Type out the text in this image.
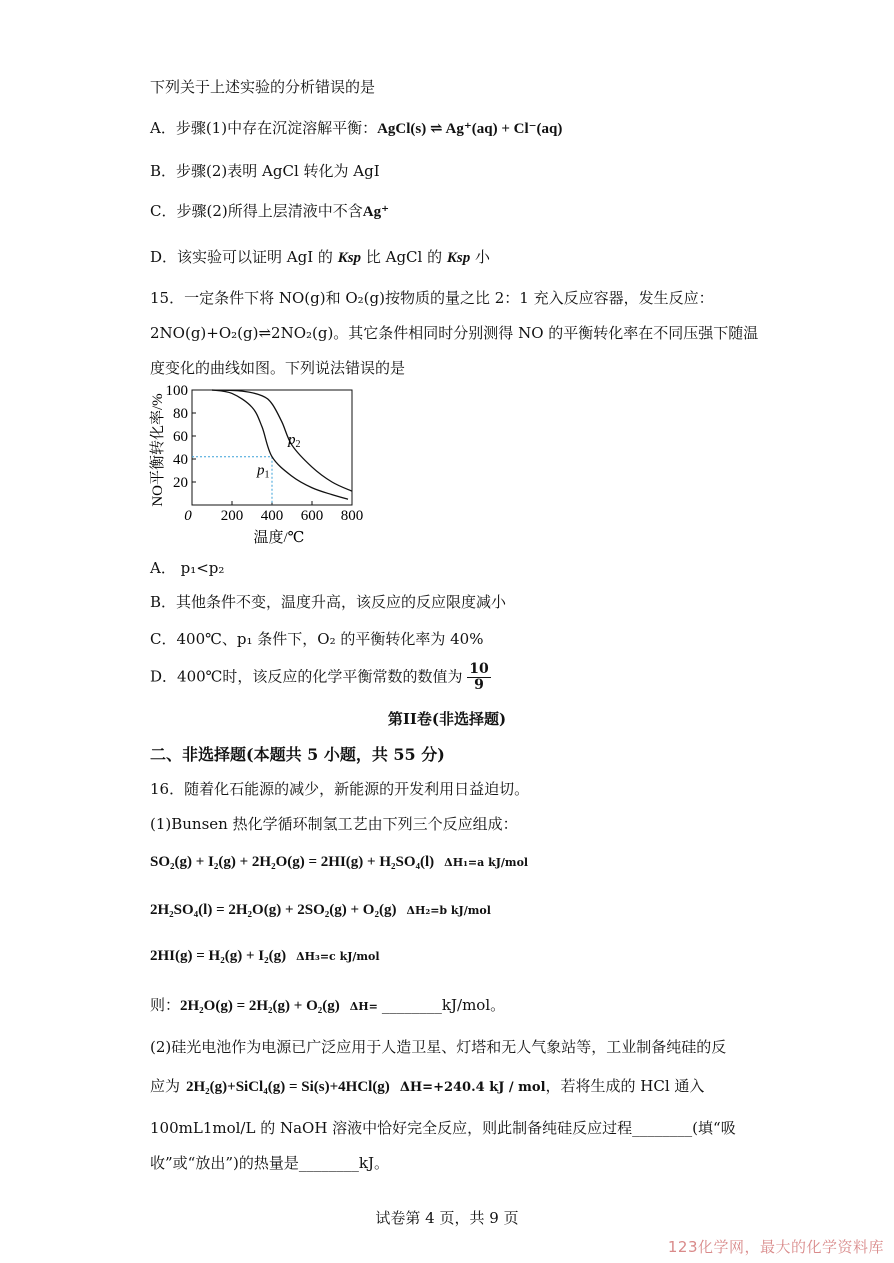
下列关于上述实验的分析错误的是
A．步骤(1)中存在沉淀溶解平衡：AgCl(s) ⇌ Ag⁺(aq) + Cl⁻(aq)
B．步骤(2)表明 AgCl 转化为 AgI
C．步骤(2)所得上层清液中不含Ag⁺
D．该实验可以证明 AgI 的 Ksp 比 AgCl 的 Ksp 小
15．一定条件下将 NO(g)和 O₂(g)按物质的量之比 2：1 充入反应容器，发生反应：
2NO(g)+O₂(g)⇌2NO₂(g)。其它条件相同时分别测得 NO 的平衡转化率在不同压强下随温
度变化的曲线如图。下列说法错误的是
20
40
60
80
100
0 200 400 600 800
$p_1$
$p_2$
NO平衡转化率/%
温度/℃
A． p₁<p₂
B．其他条件不变，温度升高，该反应的反应限度减小
C．400℃、p₁ 条件下，O₂ 的平衡转化率为 40%
D．400℃时，该反应的化学平衡常数的数值为 $\frac{10}{9}$
第II卷(非选择题)
二、非选择题(本题共 5 小题，共 55 分)
16．随着化石能源的减少，新能源的开发利用日益迫切。
(1)Bunsen 热化学循环制氢工艺由下列三个反应组成：
SO₂(g) + I₂(g) + 2H₂O(g) = 2HI(g) + H₂SO₄(l) ΔH₁=a kJ/mol
2H₂SO₄(l) = 2H₂O(g) + 2SO₂(g) + O₂(g) ΔH₂=b kJ/mol
2HI(g) = H₂(g) + I₂(g) ΔH₃=c kJ/mol
则：2H₂O(g) = 2H₂(g) + O₂(g) ΔH= ________kJ/mol。
(2)硅光电池作为电源已广泛应用于人造卫星、灯塔和无人气象站等，工业制备纯硅的反
应为 2H₂(g)+SiCl₄(g) = Si(s)+4HCl(g) ΔH=+240.4 kJ / mol，若将生成的 HCl 通入
100mL1mol/L 的 NaOH 溶液中恰好完全反应，则此制备纯硅反应过程________(填“吸
收”或“放出”)的热量是________kJ。
试卷第 4 页，共 9 页
123化学网，最大的化学资料库
